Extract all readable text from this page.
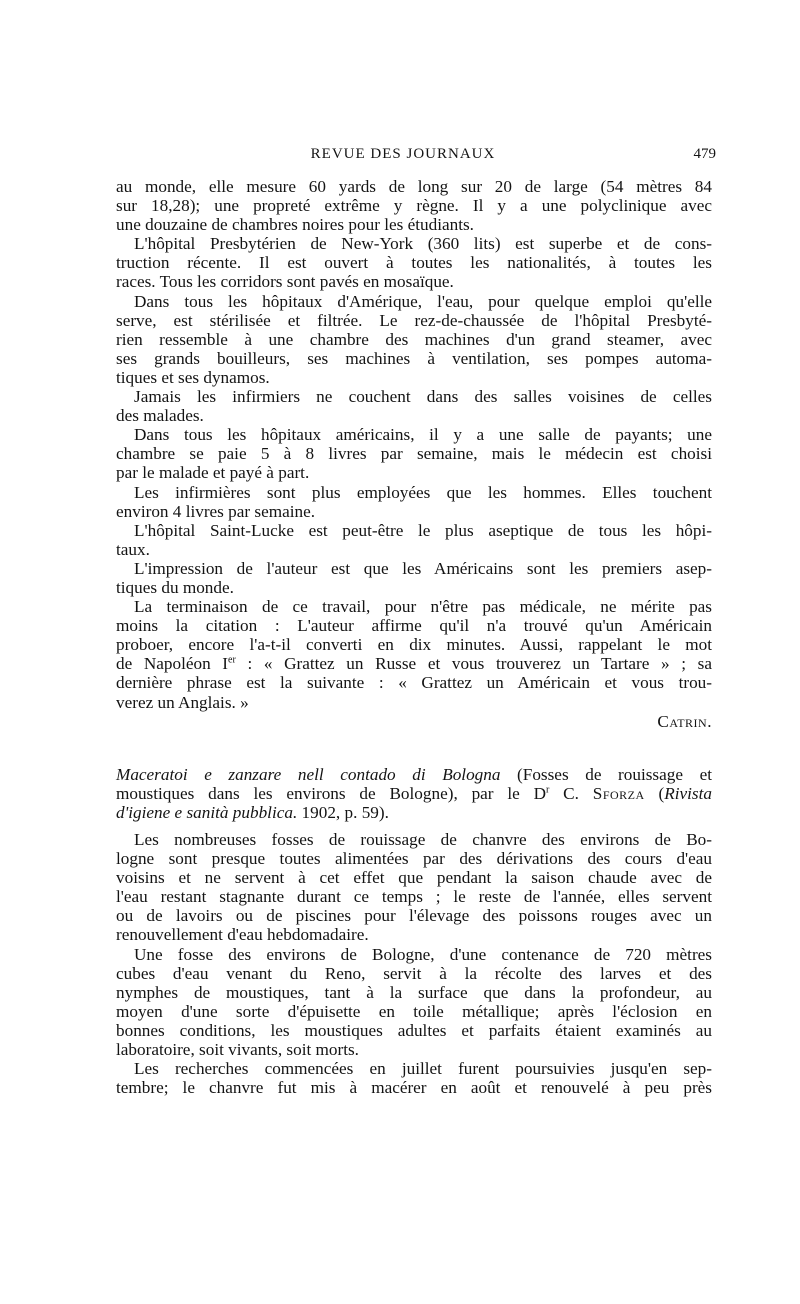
REVUE DES JOURNAUX	479
au monde, elle mesure 60 yards de long sur 20 de large (54 mètres 84
sur 18,28); une propreté extrême y règne. Il y a une polyclinique avec
une douzaine de chambres noires pour les étudiants.
L'hôpital Presbytérien de New-York (360 lits) est superbe et de cons-
truction récente. Il est ouvert à toutes les nationalités, à toutes les
races. Tous les corridors sont pavés en mosaïque.
Dans tous les hôpitaux d'Amérique, l'eau, pour quelque emploi qu'elle
serve, est stérilisée et filtrée. Le rez-de-chaussée de l'hôpital Presbyté-
rien ressemble à une chambre des machines d'un grand steamer, avec
ses grands bouilleurs, ses machines à ventilation, ses pompes automa-
tiques et ses dynamos.
Jamais les infirmiers ne couchent dans des salles voisines de celles
des malades.
Dans tous les hôpitaux américains, il y a une salle de payants; une
chambre se paie 5 à 8 livres par semaine, mais le médecin est choisi
par le malade et payé à part.
Les infirmières sont plus employées que les hommes. Elles touchent
environ 4 livres par semaine.
L'hôpital Saint-Lucke est peut-être le plus aseptique de tous les hôpi-
taux.
L'impression de l'auteur est que les Américains sont les premiers asep-
tiques du monde.
La terminaison de ce travail, pour n'être pas médicale, ne mérite pas
moins la citation : L'auteur affirme qu'il n'a trouvé qu'un Américain
proboer, encore l'a-t-il converti en dix minutes. Aussi, rappelant le mot
de Napoléon Ier : « Grattez un Russe et vous trouverez un Tartare » ; sa
dernière phrase est la suivante : « Grattez un Américain et vous trou-
verez un Anglais. »
Catrin.
Maceratoi e zanzare nell contado di Bologna (Fosses de rouissage et
moustiques dans les environs de Bologne), par le $D^r$ C. Sforza (Rivista
d'igiene e sanità pubblica. 1902, p. 59).
Les nombreuses fosses de rouissage de chanvre des environs de Bo-
logne sont presque toutes alimentées par des dérivations des cours d'eau
voisins et ne servent à cet effet que pendant la saison chaude avec de
l'eau restant stagnante durant ce temps ; le reste de l'année, elles servent
ou de lavoirs ou de piscines pour l'élevage des poissons rouges avec un
renouvellement d'eau hebdomadaire.
Une fosse des environs de Bologne, d'une contenance de 720 mètres
cubes d'eau venant du Reno, servit à la récolte des larves et des
nymphes de moustiques, tant à la surface que dans la profondeur, au
moyen d'une sorte d'épuisette en toile métallique; après l'éclosion en
bonnes conditions, les moustiques adultes et parfaits étaient examinés au
laboratoire, soit vivants, soit morts.
Les recherches commencées en juillet furent poursuivies jusqu'en sep-
tembre; le chanvre fut mis à macérer en août et renouvelé à peu près
